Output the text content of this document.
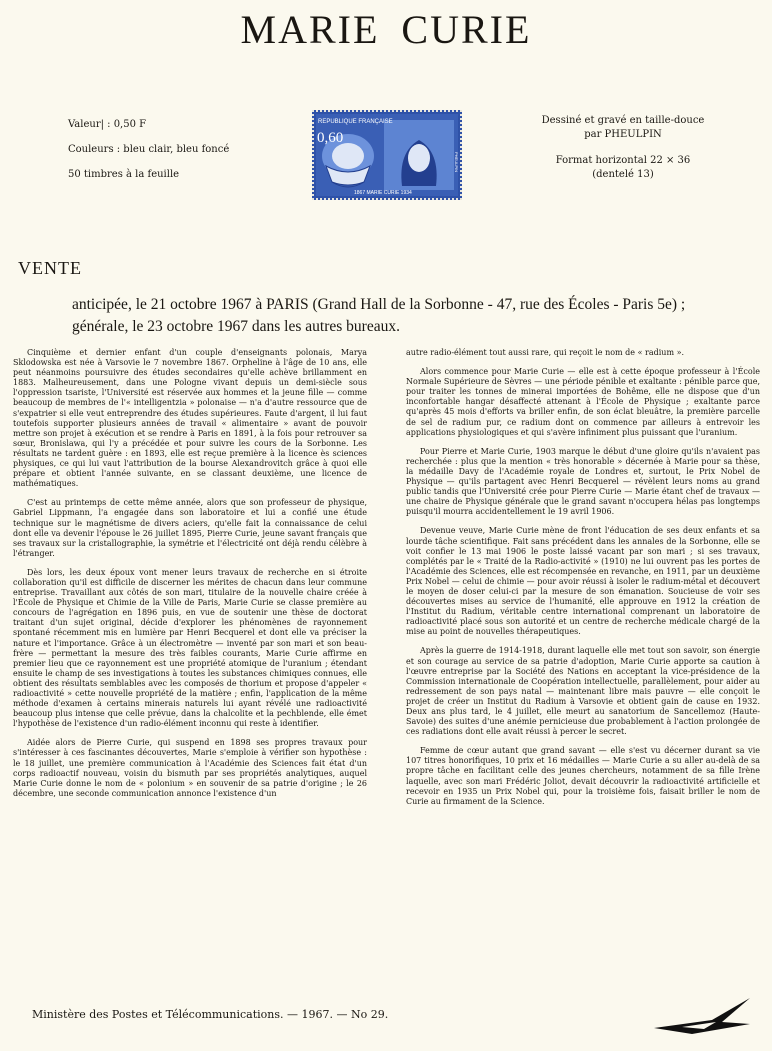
MARIE CURIE
Valeur| : 0,50 F
Couleurs : bleu clair, bleu foncé
50 timbres à la feuille
REPUBLIQUE FRANÇAISE
0,60
1867 MARIE CURIE 1934
PHEULPIN
Dessiné et gravé en taille-douce
par PHEULPIN
Format horizontal 22 × 36
(dentelé 13)
VENTE
anticipée, le 21 octobre 1967 à PARIS (Grand Hall de la Sorbonne - 47, rue des Écoles - Paris 5e) ;
générale, le 23 octobre 1967 dans les autres bureaux.

Cinquième et dernier enfant d'un couple d'enseignants polonais, Marya Sklodowska est née à Varsovie le 7 novembre 1867. Orpheline à l'âge de 10 ans, elle peut néanmoins poursuivre des études secondaires qu'elle achève brillamment en 1883. Malheureusement, dans une Pologne vivant depuis un demi-siècle sous l'oppression tsariste, l'Université est réservée aux hommes et la jeune fille — comme beaucoup de membres de l'« intelligentzia » polonaise — n'a d'autre ressource que de s'expatrier si elle veut entreprendre des études supérieures. Faute d'argent, il lui faut toutefois supporter plusieurs années de travail « alimentaire » avant de pouvoir mettre son projet à exécution et se rendre à Paris en 1891, à la fois pour retrouver sa sœur, Bronislawa, qui l'y a précédée et pour suivre les cours de la Sorbonne. Les résultats ne tardent guère : en 1893, elle est reçue première à la licence ès sciences physiques, ce qui lui vaut l'attribution de la bourse Alexandrovitch grâce à quoi elle prépare et obtient l'année suivante, en se classant deuxième, une licence de mathématiques.

C'est au printemps de cette même année, alors que son professeur de physique, Gabriel Lippmann, l'a engagée dans son laboratoire et lui a confié une étude technique sur le magnétisme de divers aciers, qu'elle fait la connaissance de celui dont elle va devenir l'épouse le 26 juillet 1895, Pierre Curie, jeune savant français que ses travaux sur la cristallographie, la symétrie et l'électricité ont déjà rendu célèbre à l'étranger.

Dès lors, les deux époux vont mener leurs travaux de recherche en si étroite collaboration qu'il est difficile de discerner les mérites de chacun dans leur commune entreprise. Travaillant aux côtés de son mari, titulaire de la nouvelle chaire créée à l'École de Physique et Chimie de la Ville de Paris, Marie Curie se classe première au concours de l'agrégation en 1896 puis, en vue de soutenir une thèse de doctorat traitant d'un sujet original, décide d'explorer les phénomènes de rayonnement spontané récemment mis en lumière par Henri Becquerel et dont elle va préciser la nature et l'importance. Grâce à un électromètre — inventé par son mari et son beau-frère — permettant la mesure des très faibles courants, Marie Curie affirme en premier lieu que ce rayonnement est une propriété atomique de l'uranium ; étendant ensuite le champ de ses investigations à toutes les substances chimiques connues, elle obtient des résultats semblables avec les composés de thorium et propose d'appeler « radioactivité » cette nouvelle propriété de la matière ; enfin, l'application de la même méthode d'examen à certains minerais naturels lui ayant révélé une radioactivité beaucoup plus intense que celle prévue, dans la chalcolite et la pechblende, elle émet l'hypothèse de l'existence d'un radio-élément inconnu qui reste à identifier.

Aidée alors de Pierre Curie, qui suspend en 1898 ses propres travaux pour s'intéresser à ces fascinantes découvertes, Marie s'emploie à vérifier son hypothèse : le 18 juillet, une première communication à l'Académie des Sciences fait état d'un corps radioactif nouveau, voisin du bismuth par ses propriétés analytiques, auquel Marie Curie donne le nom de « polonium » en souvenir de sa patrie d'origine ; le 26 décembre, une seconde communication annonce l'existence d'un

autre radio-élément tout aussi rare, qui reçoit le nom de « radium ».

Alors commence pour Marie Curie — elle est à cette époque professeur à l'École Normale Supérieure de Sèvres — une période pénible et exaltante : pénible parce que, pour traiter les tonnes de minerai importées de Bohême, elle ne dispose que d'un inconfortable hangar désaffecté attenant à l'École de Physique ; exaltante parce qu'après 45 mois d'efforts va briller enfin, de son éclat bleuâtre, la première parcelle de sel de radium pur, ce radium dont on commence par ailleurs à entrevoir les applications physiologiques et qui s'avère infiniment plus puissant que l'uranium.

Pour Pierre et Marie Curie, 1903 marque le début d'une gloire qu'ils n'avaient pas recherchée : plus que la mention « très honorable » décernée à Marie pour sa thèse, la médaille Davy de l'Académie royale de Londres et, surtout, le Prix Nobel de Physique — qu'ils partagent avec Henri Becquerel — révèlent leurs noms au grand public tandis que l'Université crée pour Pierre Curie — Marie étant chef de travaux — une chaire de Physique générale que le grand savant n'occupera hélas pas longtemps puisqu'il mourra accidentellement le 19 avril 1906.

Devenue veuve, Marie Curie mène de front l'éducation de ses deux enfants et sa lourde tâche scientifique. Fait sans précédent dans les annales de la Sorbonne, elle se voit confier le 13 mai 1906 le poste laissé vacant par son mari ; si ses travaux, complétés par le « Traité de la Radio-activité » (1910) ne lui ouvrent pas les portes de l'Académie des Sciences, elle est récompensée en revanche, en 1911, par un deuxième Prix Nobel — celui de chimie — pour avoir réussi à isoler le radium-métal et découvert le moyen de doser celui-ci par la mesure de son émanation. Soucieuse de voir ses découvertes mises au service de l'humanité, elle approuve en 1912 la création de l'Institut du Radium, véritable centre international comprenant un laboratoire de radioactivité placé sous son autorité et un centre de recherche médicale chargé de la mise au point de nouvelles thérapeutiques.

Après la guerre de 1914-1918, durant laquelle elle met tout son savoir, son énergie et son courage au service de sa patrie d'adoption, Marie Curie apporte sa caution à l'œuvre entreprise par la Société des Nations en acceptant la vice-présidence de la Commission internationale de Coopération intellectuelle, parallèlement, pour aider au redressement de son pays natal — maintenant libre mais pauvre — elle conçoit le projet de créer un Institut du Radium à Varsovie et obtient gain de cause en 1932. Deux ans plus tard, le 4 juillet, elle meurt au sanatorium de Sancellemoz (Haute-Savoie) des suites d'une anémie pernicieuse due probablement à l'action prolongée de ces radiations dont elle avait réussi à percer le secret.

Femme de cœur autant que grand savant — elle s'est vu décerner durant sa vie 107 titres honorifiques, 10 prix et 16 médailles — Marie Curie a su aller au-delà de sa propre tâche en facilitant celle des jeunes chercheurs, notamment de sa fille Irène laquelle, avec son mari Frédéric Joliot, devait découvrir la radioactivité artificielle et recevoir en 1935 un Prix Nobel qui, pour la troisième fois, faisait briller le nom de Curie au firmament de la Science.

Ministère des Postes et Télécommunications. — 1967. — No 29.
